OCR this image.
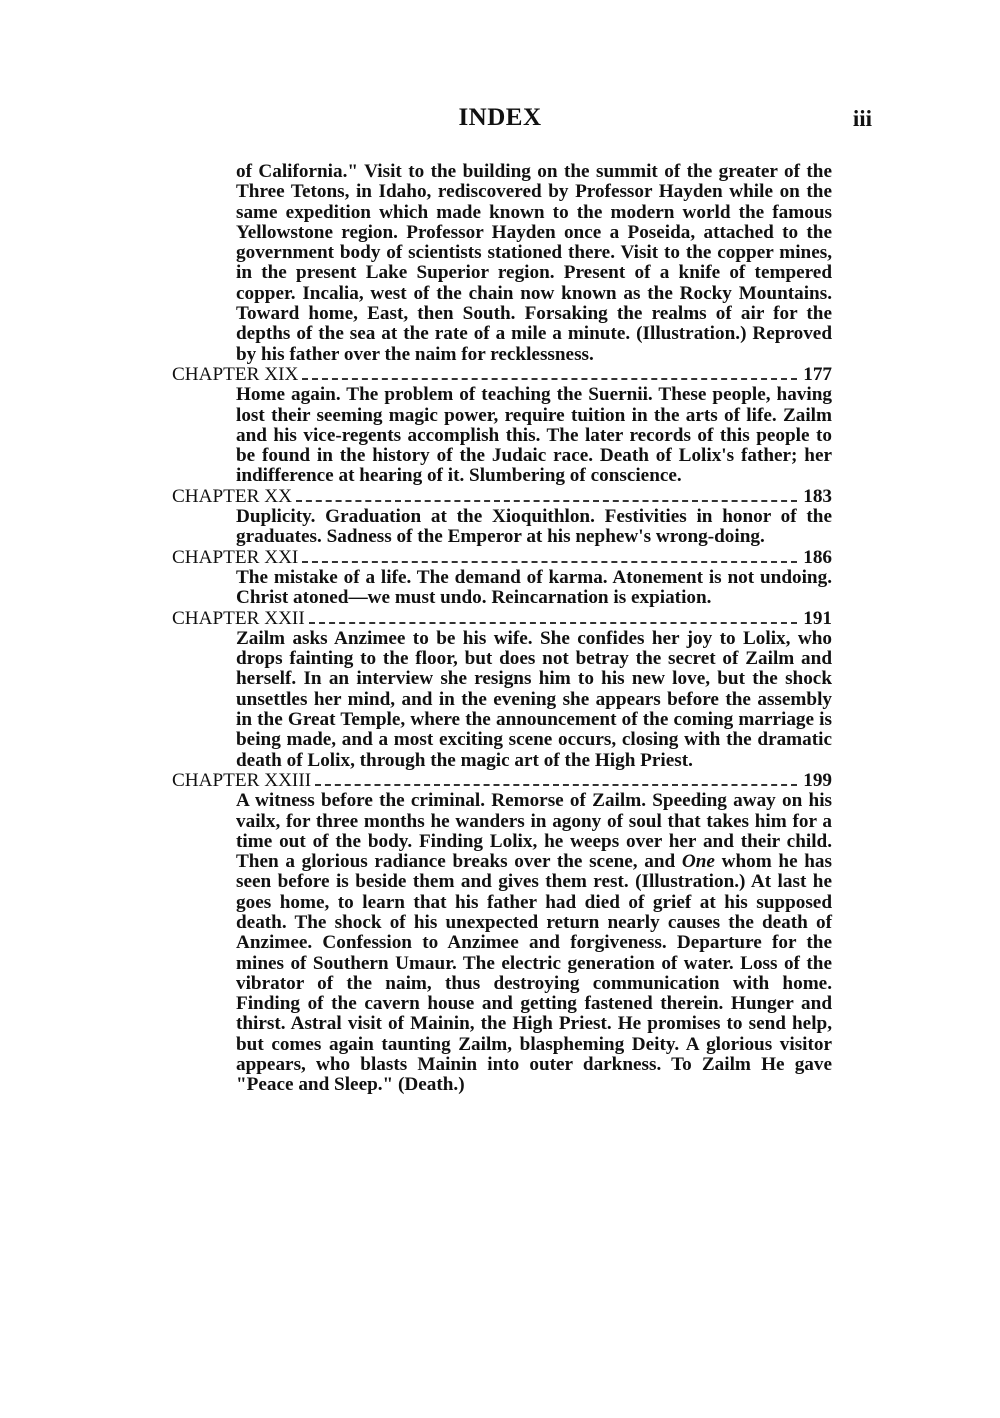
INDEX	iii

of California." Visit to the building on the summit of the greater of the Three Tetons, in Idaho, rediscovered by Professor Hayden while on the same expedition which made known to the modern world the famous Yellowstone region. Professor Hayden once a Poseida, attached to the government body of scientists stationed there. Visit to the copper mines, in the present Lake Superior region. Present of a knife of tempered copper. Incalia, west of the chain now known as the Rocky Mountains. Toward home, East, then South. Forsaking the realms of air for the depths of the sea at the rate of a mile a minute. (Illustration.) Reproved by his father over the naim for recklessness.

CHAPTER XIX	177

Home again. The problem of teaching the Suernii. These people, having lost their seeming magic power, require tuition in the arts of life. Zailm and his vice-regents accomplish this. The later records of this people to be found in the history of the Judaic race. Death of Lolix's father; her indifference at hearing of it. Slumbering of conscience.

CHAPTER XX	183

Duplicity. Graduation at the Xioquithlon. Festivities in honor of the graduates. Sadness of the Emperor at his nephew's wrong-doing.

CHAPTER XXI	186

The mistake of a life. The demand of karma. Atonement is not undoing. Christ atoned—we must undo. Reincarnation is expiation.

CHAPTER XXII	191

Zailm asks Anzimee to be his wife. She confides her joy to Lolix, who drops fainting to the floor, but does not betray the secret of Zailm and herself. In an interview she resigns him to his new love, but the shock unsettles her mind, and in the evening she appears before the assembly in the Great Temple, where the announcement of the coming marriage is being made, and a most exciting scene occurs, closing with the dramatic death of Lolix, through the magic art of the High Priest.

CHAPTER XXIII	199

A witness before the criminal. Remorse of Zailm. Speeding away on his vailx, for three months he wanders in agony of soul that takes him for a time out of the body. Finding Lolix, he weeps over her and their child. Then a glorious radiance breaks over the scene, and One whom he has seen before is beside them and gives them rest. (Illustration.) At last he goes home, to learn that his father had died of grief at his supposed death. The shock of his unexpected return nearly causes the death of Anzimee. Confession to Anzimee and forgiveness. Departure for the mines of Southern Umaur. The electric generation of water. Loss of the vibrator of the naim, thus destroying communication with home. Finding of the cavern house and getting fastened therein. Hunger and thirst. Astral visit of Mainin, the High Priest. He promises to send help, but comes again taunting Zailm, blaspheming Deity. A glorious visitor appears, who blasts Mainin into outer darkness. To Zailm He gave "Peace and Sleep." (Death.)
